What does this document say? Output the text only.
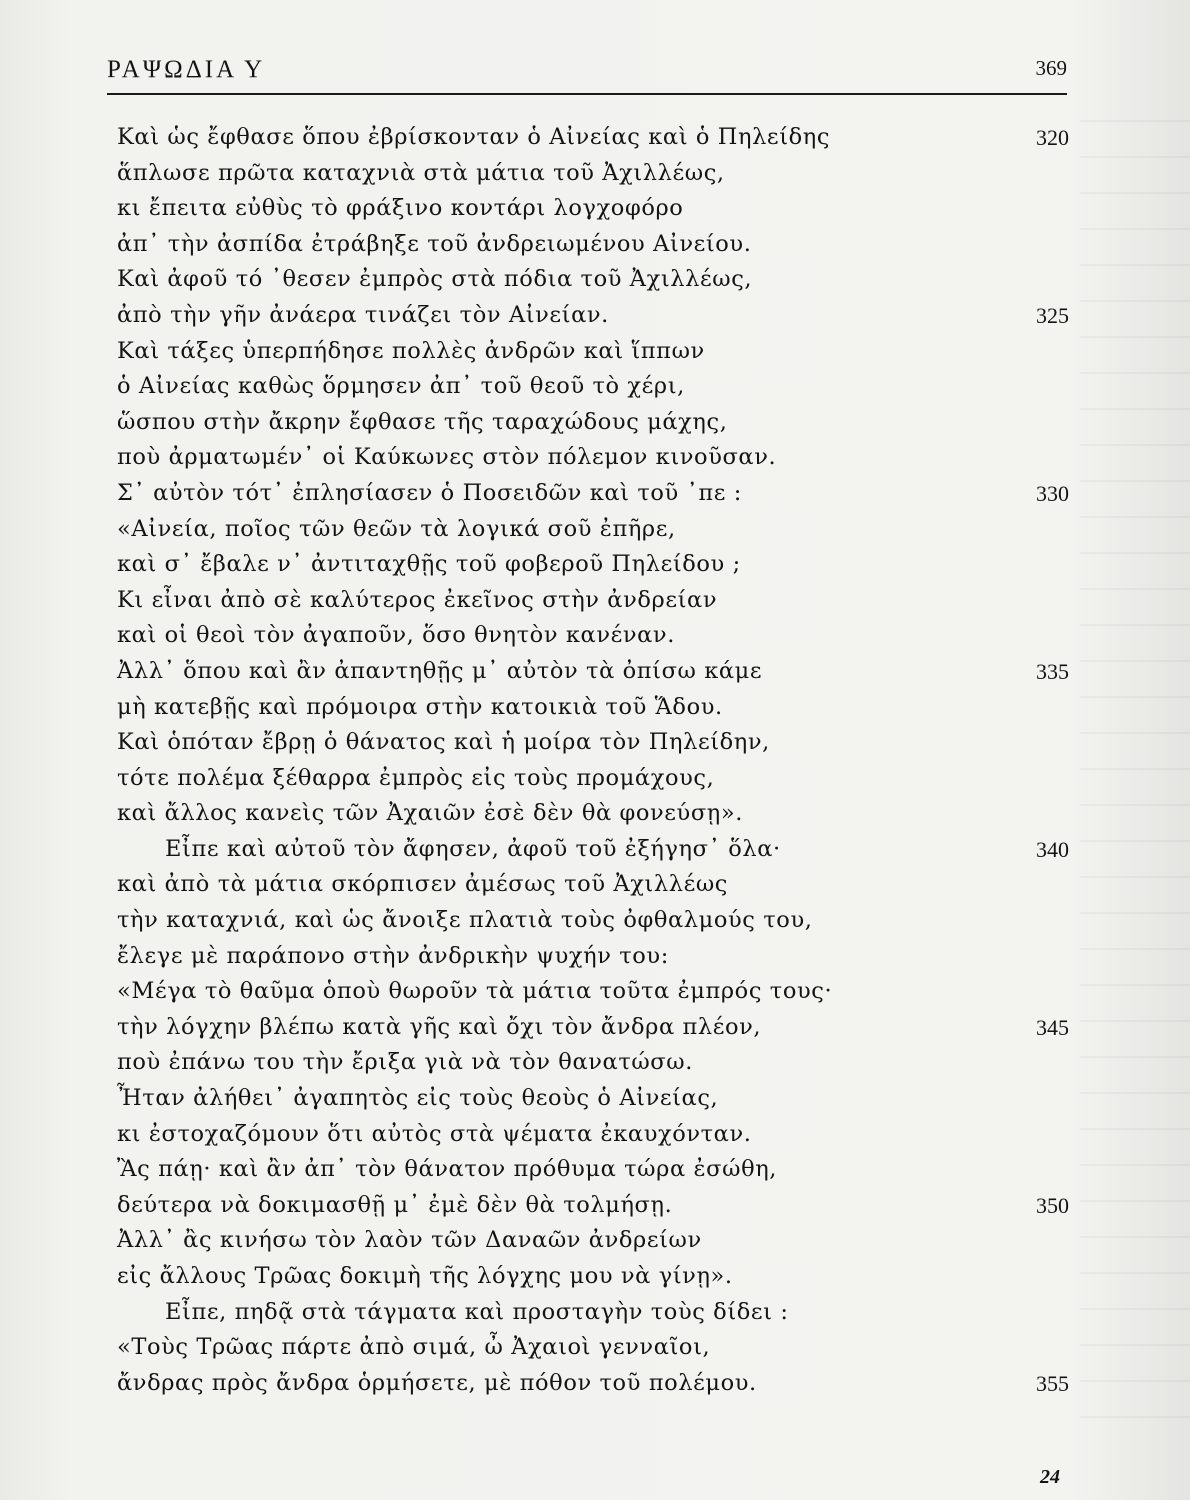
ΡΑΨΩΔΙΑ Υ	369
Καὶ ὡς ἔφθασε ὅπου ἐβρίσκονταν ὁ Αἰνείας καὶ ὁ Πηλείδης	320
ἅπλωσε πρῶτα καταχνιὰ στὰ μάτια τοῦ Ἀχιλλέως,
κι ἔπειτα εὐθὺς τὸ φράξινο κοντάρι λογχοφόρο
ἀπ᾿ τὴν ἀσπίδα ἐτράβηξε τοῦ ἀνδρειωμένου Αἰνείου.
Καὶ ἀφοῦ τό ᾿θεσεν ἐμπρὸς στὰ πόδια τοῦ Ἀχιλλέως,
ἀπὸ τὴν γῆν ἀνάερα τινάζει τὸν Αἰνείαν.	325
Καὶ τάξες ὑπερπήδησε πολλὲς ἀνδρῶν καὶ ἵππων
ὁ Αἰνείας καθὼς ὅρμησεν ἀπ᾿ τοῦ θεοῦ τὸ χέρι,
ὥσπου στὴν ἄκρην ἔφθασε τῆς ταραχώδους μάχης,
ποὺ ἀρματωμέν᾿ οἱ Καύκωνες στὸν πόλεμον κινοῦσαν.
Σ᾿ αὐτὸν τότ᾿ ἐπλησίασεν ὁ Ποσειδῶν καὶ τοῦ ᾿πε :	330
«Αἰνεία, ποῖος τῶν θεῶν τὰ λογικά σοῦ ἐπῆρε,
καὶ σ᾿ ἔβαλε ν᾿ ἀντιταχθῇς τοῦ φοβεροῦ Πηλείδου ;
Κι εἶναι ἀπὸ σὲ καλύτερος ἐκεῖνος στὴν ἀνδρείαν
καὶ οἱ θεοὶ τὸν ἀγαποῦν, ὅσο θνητὸν κανέναν.
Ἀλλ᾿ ὅπου καὶ ἂν ἀπαντηθῇς μ᾿ αὐτὸν τὰ ὀπίσω κάμε	335
μὴ κατεβῇς καὶ πρόμοιρα στὴν κατοικιὰ τοῦ Ἅδου.
Καὶ ὁπόταν ἔβρῃ ὁ θάνατος καὶ ἡ μοίρα τὸν Πηλείδην,
τότε πολέμα ξέθαρρα ἐμπρὸς εἰς τοὺς προμάχους,
καὶ ἄλλος κανεὶς τῶν Ἀχαιῶν ἐσὲ δὲν θὰ φονεύσῃ».
Εἶπε καὶ αὐτοῦ τὸν ἄφησεν, ἀφοῦ τοῦ ἐξήγησ᾿ ὅλα·	340
καὶ ἀπὸ τὰ μάτια σκόρπισεν ἀμέσως τοῦ Ἀχιλλέως
τὴν καταχνιά, καὶ ὡς ἄνοιξε πλατιὰ τοὺς ὀφθαλμούς του,
ἔλεγε μὲ παράπονο στὴν ἀνδρικὴν ψυχήν του:
«Μέγα τὸ θαῦμα ὁποὺ θωροῦν τὰ μάτια τοῦτα ἐμπρός τους·
τὴν λόγχην βλέπω κατὰ γῆς καὶ ὄχι τὸν ἄνδρα πλέον,	345
ποὺ ἐπάνω του τὴν ἔριξα γιὰ νὰ τὸν θανατώσω.
Ἦταν ἀλήθει᾿ ἀγαπητὸς εἰς τοὺς θεοὺς ὁ Αἰνείας,
κι ἐστοχαζόμουν ὅτι αὐτὸς στὰ ψέματα ἐκαυχόνταν.
Ἂς πάῃ· καὶ ἂν ἀπ᾿ τὸν θάνατον πρόθυμα τώρα ἐσώθη,
δεύτερα νὰ δοκιμασθῇ μ᾿ ἐμὲ δὲν θὰ τολμήσῃ.	350
Ἀλλ᾿ ἂς κινήσω τὸν λαὸν τῶν Δαναῶν ἀνδρείων
εἰς ἄλλους Τρῶας δοκιμὴ τῆς λόγχης μου νὰ γίνῃ».
Εἶπε, πηδᾷ στὰ τάγματα καὶ προσταγὴν τοὺς δίδει :
«Τοὺς Τρῶας πάρτε ἀπὸ σιμά, ὦ Ἀχαιοὶ γενναῖοι,
ἄνδρας πρὸς ἄνδρα ὁρμήσετε, μὲ πόθον τοῦ πολέμου.	355
24
